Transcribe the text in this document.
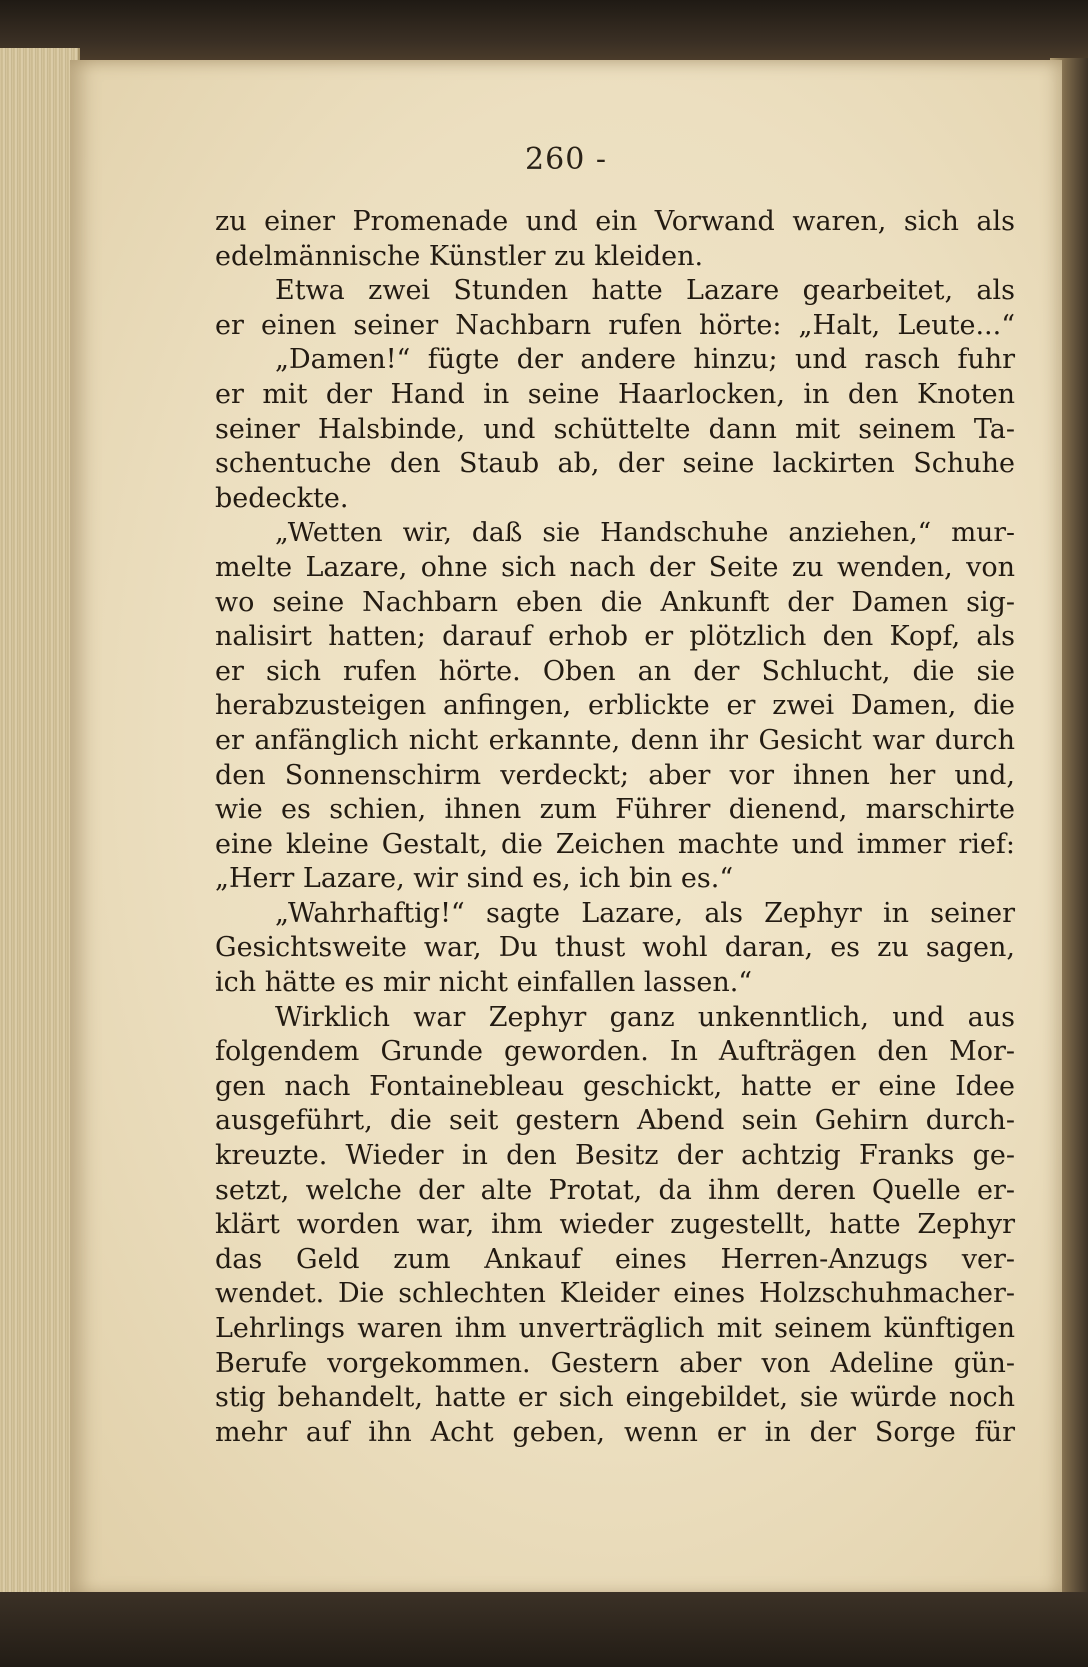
260 -
zu einer Promenade und ein Vorwand waren, sich als
edelmännische Künstler zu kleiden.
Etwa zwei Stunden hatte Lazare gearbeitet, als
er einen seiner Nachbarn rufen hörte: „Halt, Leute...“
„Damen!“ fügte der andere hinzu; und rasch fuhr
er mit der Hand in seine Haarlocken, in den Knoten
seiner Halsbinde, und schüttelte dann mit seinem Ta-
schentuche den Staub ab, der seine lackirten Schuhe
bedeckte.
„Wetten wir, daß sie Handschuhe anziehen,“ mur-
melte Lazare, ohne sich nach der Seite zu wenden, von
wo seine Nachbarn eben die Ankunft der Damen sig-
nalisirt hatten; darauf erhob er plötzlich den Kopf, als
er sich rufen hörte. Oben an der Schlucht, die sie
herabzusteigen anfingen, erblickte er zwei Damen, die
er anfänglich nicht erkannte, denn ihr Gesicht war durch
den Sonnenschirm verdeckt; aber vor ihnen her und,
wie es schien, ihnen zum Führer dienend, marschirte
eine kleine Gestalt, die Zeichen machte und immer rief:
„Herr Lazare, wir sind es, ich bin es.“
„Wahrhaftig!“ sagte Lazare, als Zephyr in seiner
Gesichtsweite war, Du thust wohl daran, es zu sagen,
ich hätte es mir nicht einfallen lassen.“
Wirklich war Zephyr ganz unkenntlich, und aus
folgendem Grunde geworden. In Aufträgen den Mor-
gen nach Fontainebleau geschickt, hatte er eine Idee
ausgeführt, die seit gestern Abend sein Gehirn durch-
kreuzte. Wieder in den Besitz der achtzig Franks ge-
setzt, welche der alte Protat, da ihm deren Quelle er-
klärt worden war, ihm wieder zugestellt, hatte Zephyr
das Geld zum Ankauf eines Herren-Anzugs ver-
wendet. Die schlechten Kleider eines Holzschuhmacher-
Lehrlings waren ihm unverträglich mit seinem künftigen
Berufe vorgekommen. Gestern aber von Adeline gün-
stig behandelt, hatte er sich eingebildet, sie würde noch
mehr auf ihn Acht geben, wenn er in der Sorge für
